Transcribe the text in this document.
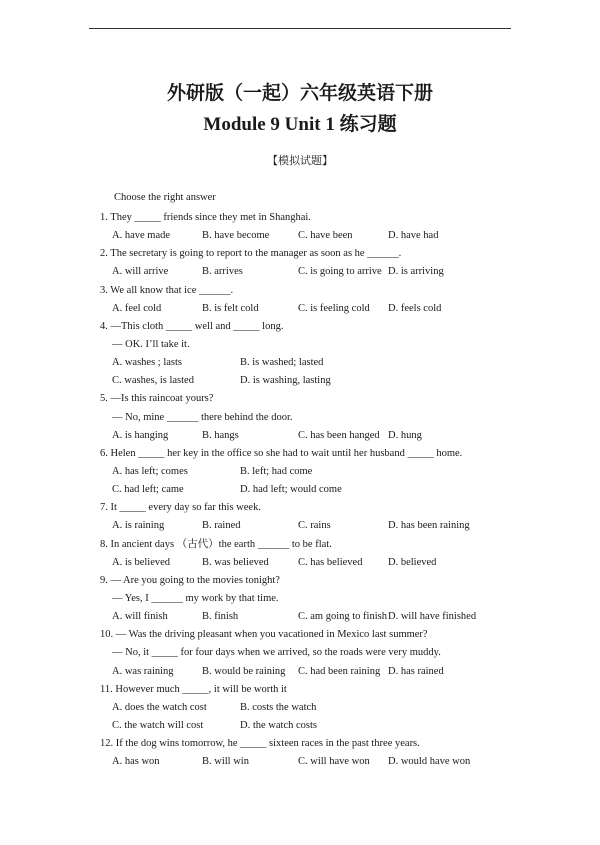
外研版（一起）六年级英语下册
Module 9 Unit 1 练习题
【模拟试题】
Choose the right answer
1. They _____ friends since they met in Shanghai.
A. have made	B. have become	C. have been	D. have had
2. The secretary is going to report to the manager as soon as he ______.
A. will arrive	B. arrives	C. is going to arrive D. is arriving
3. We all know that ice ______.
A. feel cold	B. is felt cold	C. is feeling cold D. feels cold
4. —This cloth _____ well and _____ long.
— OK. I’ll take it.
A. washes ; lasts	B. is washed; lasted
C. washes, is lasted	D. is washing, lasting
5. —Is this raincoat yours?
— No, mine ______ there behind the door.
A. is hanging	B. hangs	C. has been hanged D. hung
6. Helen _____ her key in the office so she had to wait until her husband _____ home.
A. has left; comes	B. left; had come
C. had left; came	D. had left; would come
7. It _____ every day so far this week.
A. is raining	B. rained	C. rains	D. has been raining
8. In ancient days （古代）the earth ______ to be flat.
A. is believed	B. was believed	C. has believed D. believed
9. — Are you going to the movies tonight?
— Yes, I ______ my work by that time.
A. will finish	B. finish	C. am going to finish D. will have finished
10. — Was the driving pleasant when you vacationed in Mexico last summer?
— No, it _____ for four days when we arrived, so the roads were very muddy.
A. was raining	B. would be raining C. had been raining D. has rained
11. However much _____, it will be worth it
A. does the watch cost	B. costs the watch
C. the watch will cost	D. the watch costs
12. If the dog wins tomorrow, he _____ sixteen races in the past three years.
A. has won	B. will win	C. will have won D. would have won
